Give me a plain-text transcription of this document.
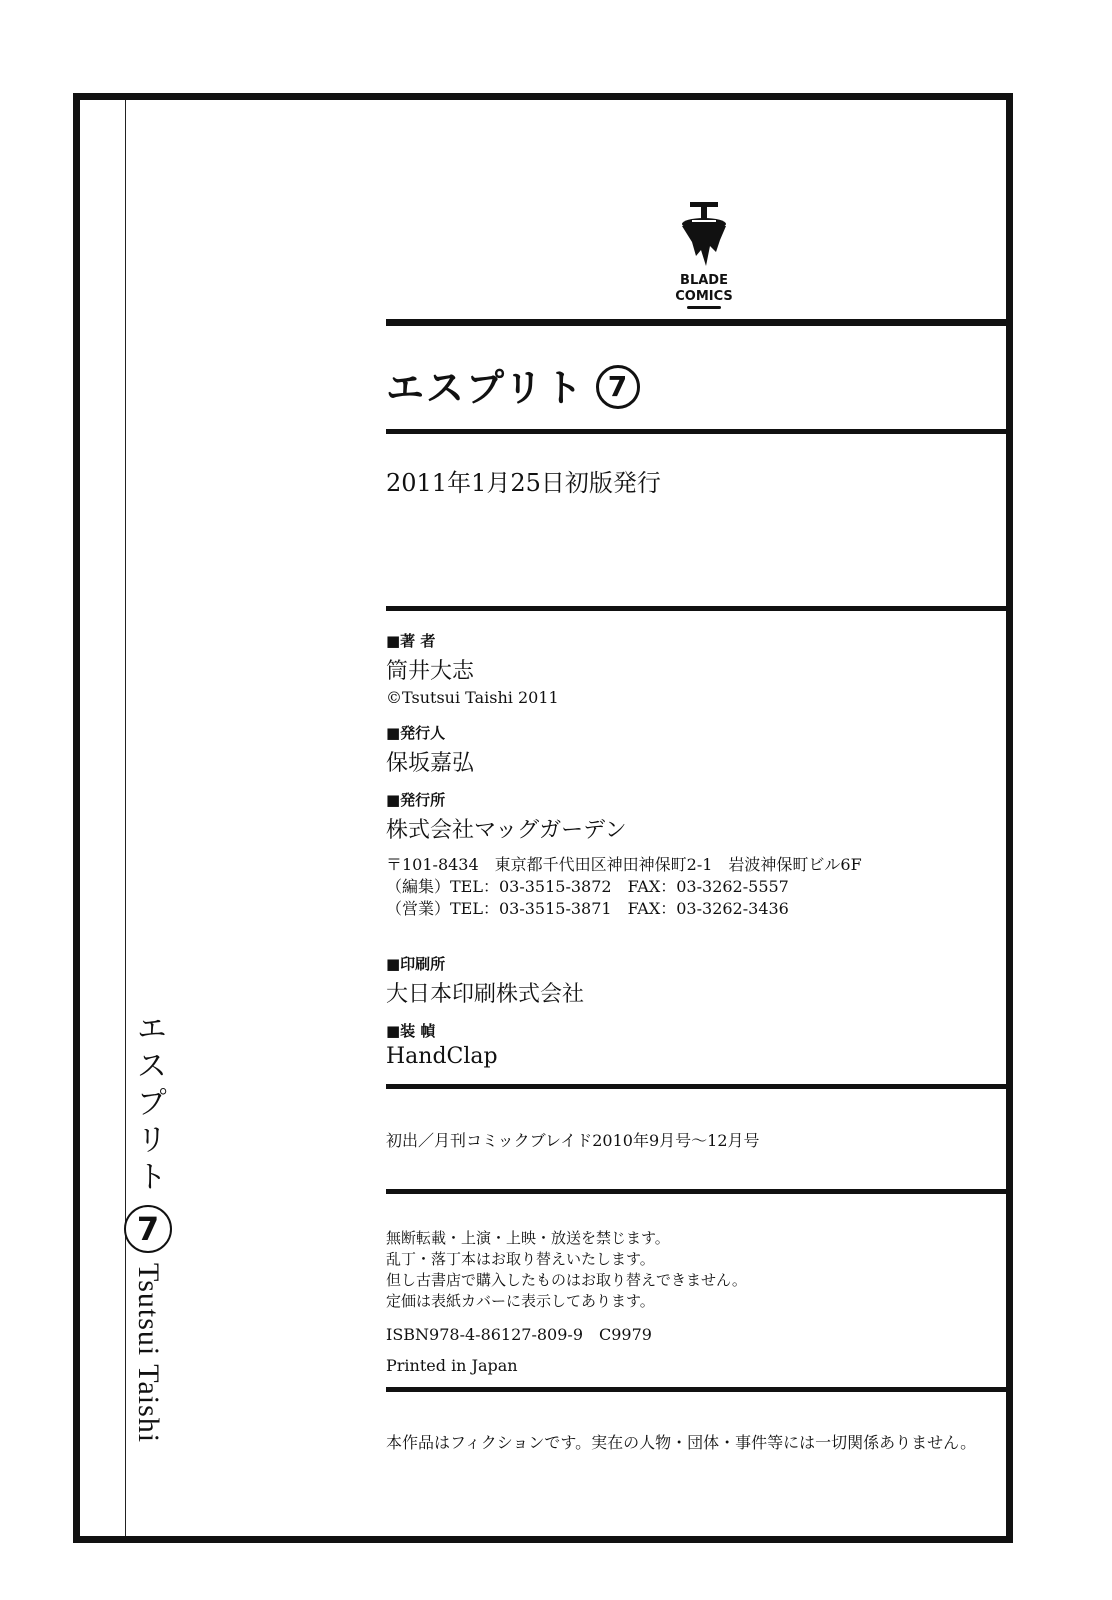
エスプリト
7
Tsutsui Taishi
BLADE
COMICS
エスプリト 7
2011年1月25日初版発行
■著 者
筒井大志
©Tsutsui Taishi 2011
■発行人
保坂嘉弘
■発行所
株式会社マッグガーデン
〒101-8434　東京都千代田区神田神保町2-1　岩波神保町ビル6F
（編集）TEL：03-3515-3872　FAX：03-3262-5557
（営業）TEL：03-3515-3871　FAX：03-3262-3436
■印刷所
大日本印刷株式会社
■装 幀
HandClap
初出／月刊コミックブレイド2010年9月号～12月号
無断転載・上演・上映・放送を禁じます。
乱丁・落丁本はお取り替えいたします。
但し古書店で購入したものはお取り替えできません。
定価は表紙カバーに表示してあります。
ISBN978-4-86127-809-9　C9979
Printed in Japan
本作品はフィクションです。実在の人物・団体・事件等には一切関係ありません。
